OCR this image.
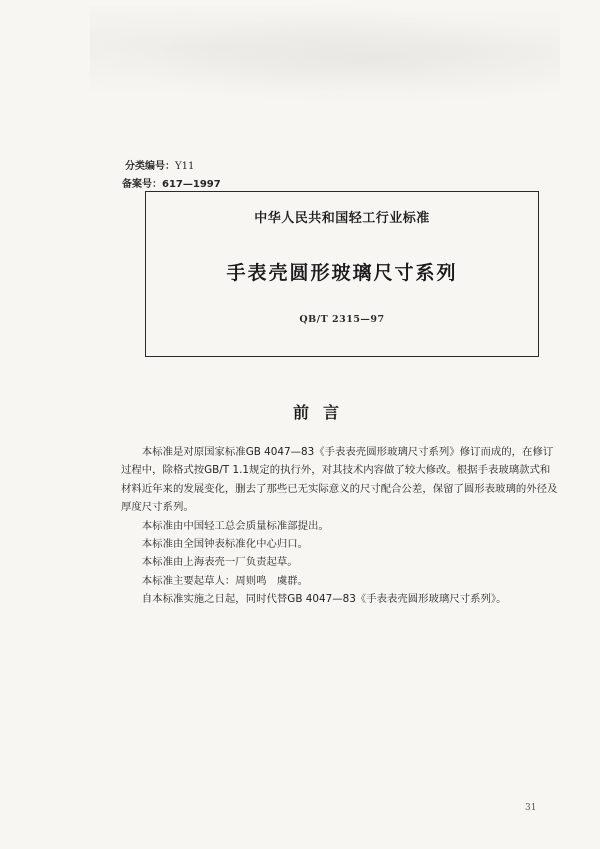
分类编号：Y11
备案号：617—1997
中华人民共和国轻工行业标准
手表壳圆形玻璃尺寸系列
QB/T 2315—97
前言

本标准是对原国家标准GB 4047—83《手表表壳圆形玻璃尺寸系列》修订而成的，在修订过程中，除格式按GB/T 1.1规定的执行外，对其技术内容做了较大修改。根据手表玻璃款式和材料近年来的发展变化，删去了那些已无实际意义的尺寸配合公差，保留了圆形表玻璃的外径及厚度尺寸系列。

本标准由中国轻工总会质量标准部提出。

本标准由全国钟表标准化中心归口。

本标准由上海表壳一厂负责起草。

本标准主要起草人：周则鸣　虞群。

自本标准实施之日起，同时代替GB 4047—83《手表表壳圆形玻璃尺寸系列》。

31
